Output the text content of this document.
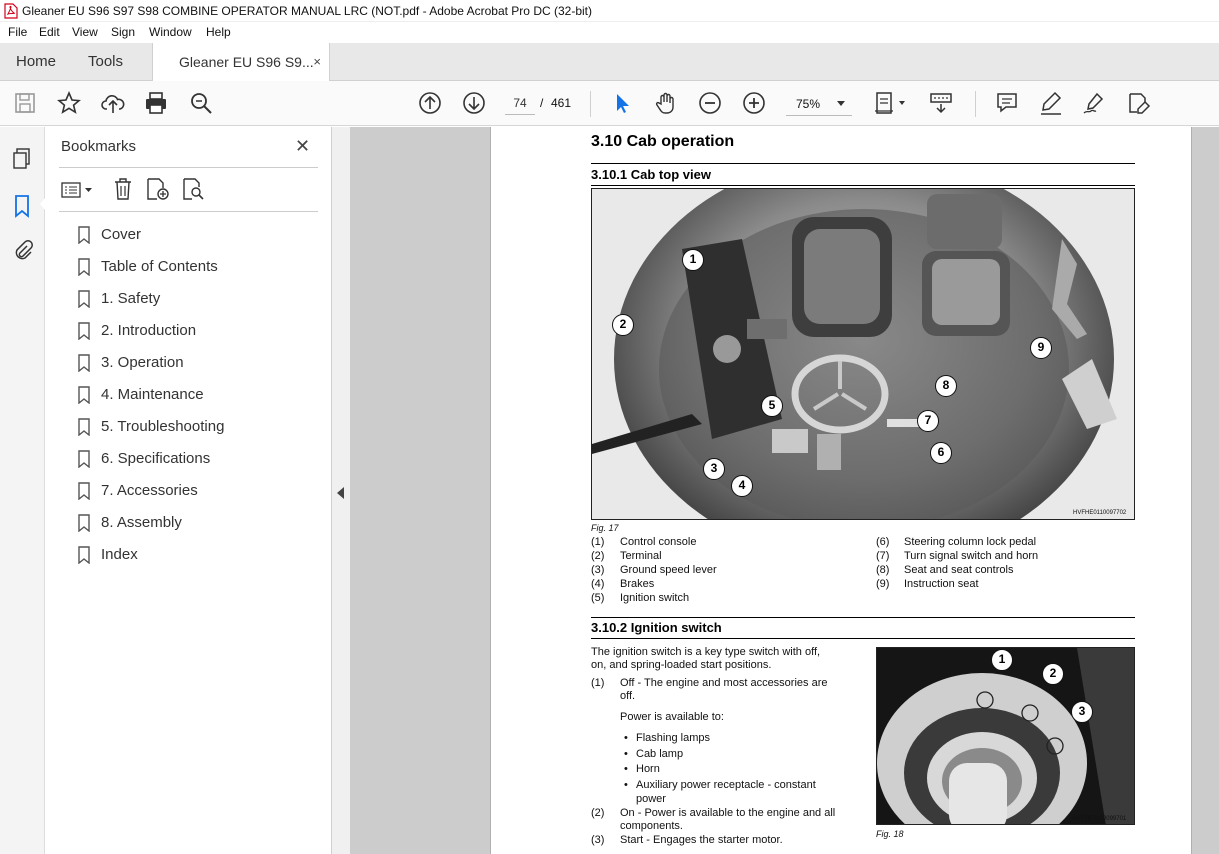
Gleaner EU S96 S97 S98 COMBINE OPERATOR MANUAL LRC (NOT.pdf - Adobe Acrobat Pro DC (32-bit)
File Edit View Sign Window Help
Home Tools	Gleaner EU S96 S9... ×
74	/ 461	75%
Bookmarks	✕
Cover
Table of Contents
1. Safety
2. Introduction
3. Operation
4. Maintenance
5. Troubleshooting
6. Specifications
7. Accessories
8. Assembly
Index
3.10 Cab operation
3.10.1 Cab top view
HVFHE0110097702
1
2
3
4
5
6
7
8
9
Fig. 17
(1) Control console
(2) Terminal
(3) Ground speed lever
(4) Brakes
(5) Ignition switch
(6) Steering column lock pedal
(7) Turn signal switch and horn
(8) Seat and seat controls
(9) Instruction seat
3.10.2 Ignition switch
The ignition switch is a key type switch with off,
on, and spring-loaded start positions.
(1) Off - The engine and most accessories are
off.
Power is available to:
• Flashing lamps
• Cab lamp
• Horn
• Auxiliary power receptacle - constant
power
(2) On - Power is available to the engine and all
components.
(3) Start - Engages the starter motor.
HVFHE0110099701
1
2
3
Fig. 18
